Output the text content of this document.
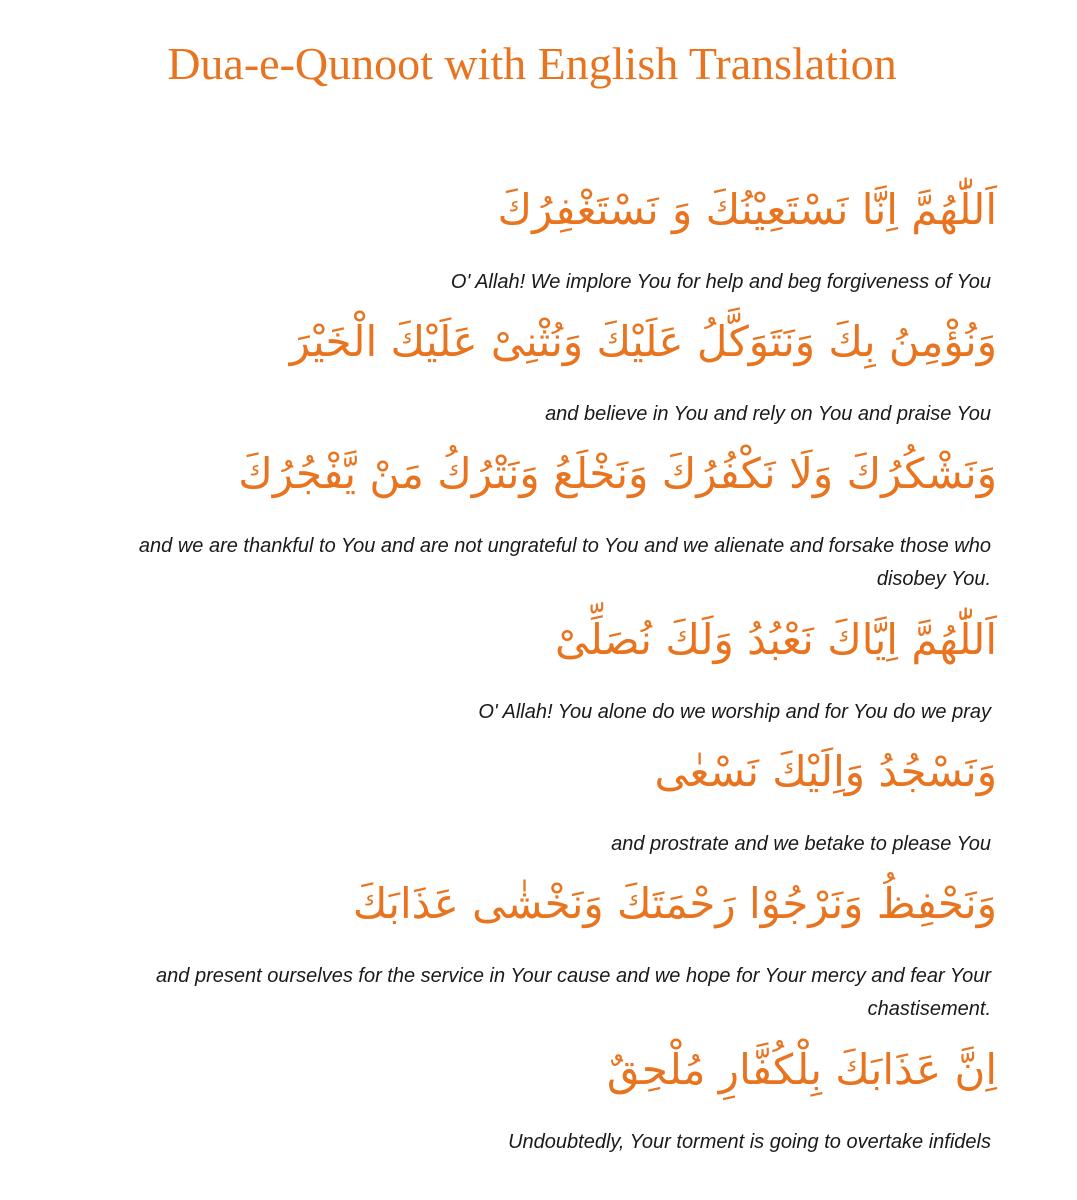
Dua-e-Qunoot with English Translation
اَللّٰهُمَّ اِنَّا نَسْتَعِيْنُكَ وَ نَسْتَغْفِرُكَ
O' Allah! We implore You for help and beg forgiveness of You
وَنُؤْمِنُ بِكَ وَنَتَوَكَّلُ عَلَيْكَ وَنُثْنِىْ عَلَيْكَ الْخَيْرَ
and believe in You and rely on You and praise You
وَنَشْكُرُكَ وَلَا نَكْفُرُكَ وَنَخْلَعُ وَنَتْرُكُ مَنْ يَّفْجُرُكَ
and we are thankful to You and are not ungrateful to You and we alienate and forsake those who disobey You.
اَللّٰهُمَّ اِيَّاكَ نَعْبُدُ وَلَكَ نُصَلِّىْ
O' Allah! You alone do we worship and for You do we pray
وَنَسْجُدُ وَاِلَيْكَ نَسْعٰى
and prostrate and we betake to please You
وَنَحْفِظُ وَنَرْجُوْا رَحْمَتَكَ وَنَخْشٰى عَذَابَكَ
and present ourselves for the service in Your cause and we hope for Your mercy and fear Your chastisement.
اِنَّ عَذَابَكَ بِلْكُفَّارِ مُلْحِقٌ
Undoubtedly, Your torment is going to overtake infidels
